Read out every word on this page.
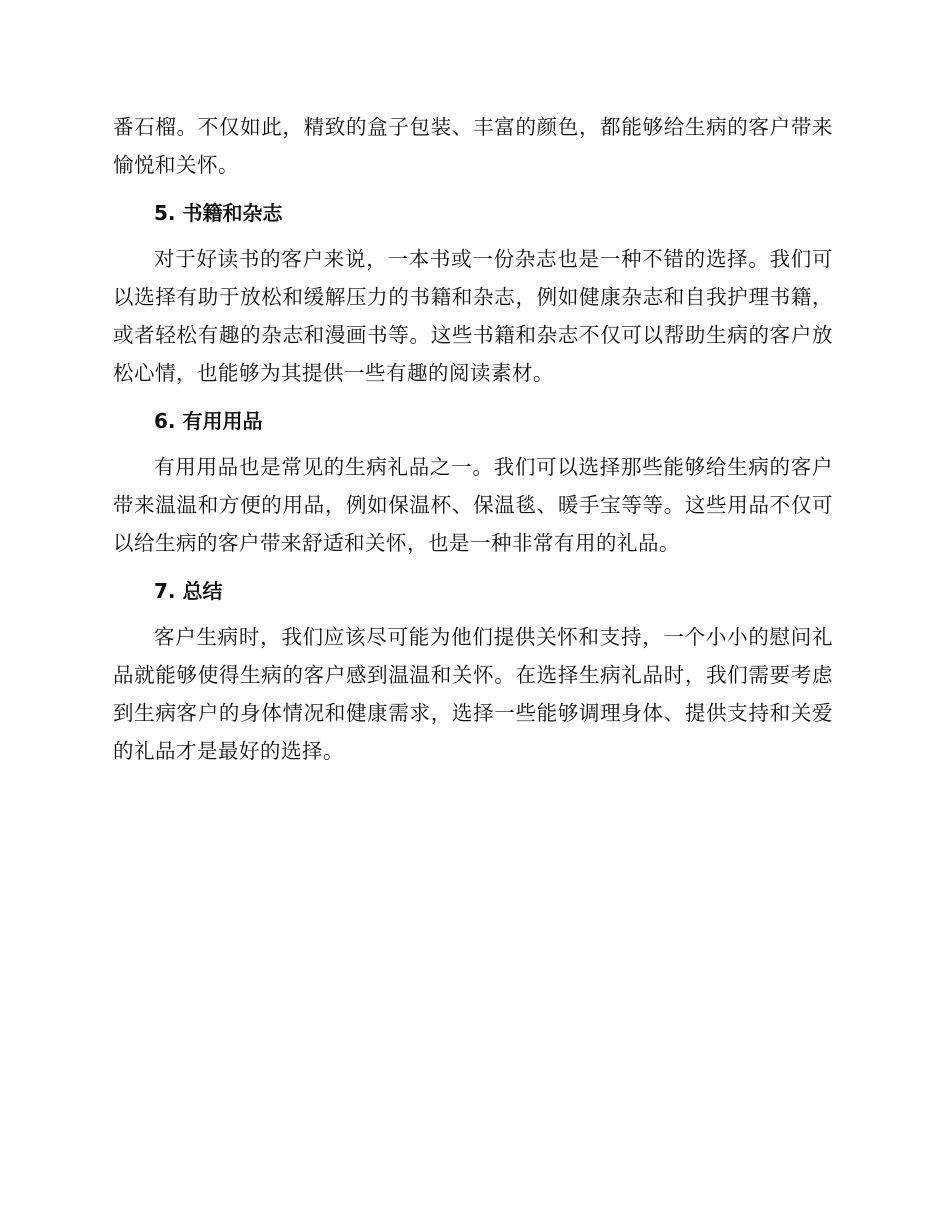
番石榴。不仅如此，精致的盒子包装、丰富的颜色，都能够给生病的客户带来愉悦和关怀。

5. 书籍和杂志

对于好读书的客户来说，一本书或一份杂志也是一种不错的选择。我们可以选择有助于放松和缓解压力的书籍和杂志，例如健康杂志和自我护理书籍，或者轻松有趣的杂志和漫画书等。这些书籍和杂志不仅可以帮助生病的客户放松心情，也能够为其提供一些有趣的阅读素材。

6. 有用用品

有用用品也是常见的生病礼品之一。我们可以选择那些能够给生病的客户带来温温和方便的用品，例如保温杯、保温毯、暖手宝等等。这些用品不仅可以给生病的客户带来舒适和关怀，也是一种非常有用的礼品。

7. 总结

客户生病时，我们应该尽可能为他们提供关怀和支持，一个小小的慰问礼品就能够使得生病的客户感到温温和关怀。在选择生病礼品时，我们需要考虑到生病客户的身体情况和健康需求，选择一些能够调理身体、提供支持和关爱的礼品才是最好的选择。
